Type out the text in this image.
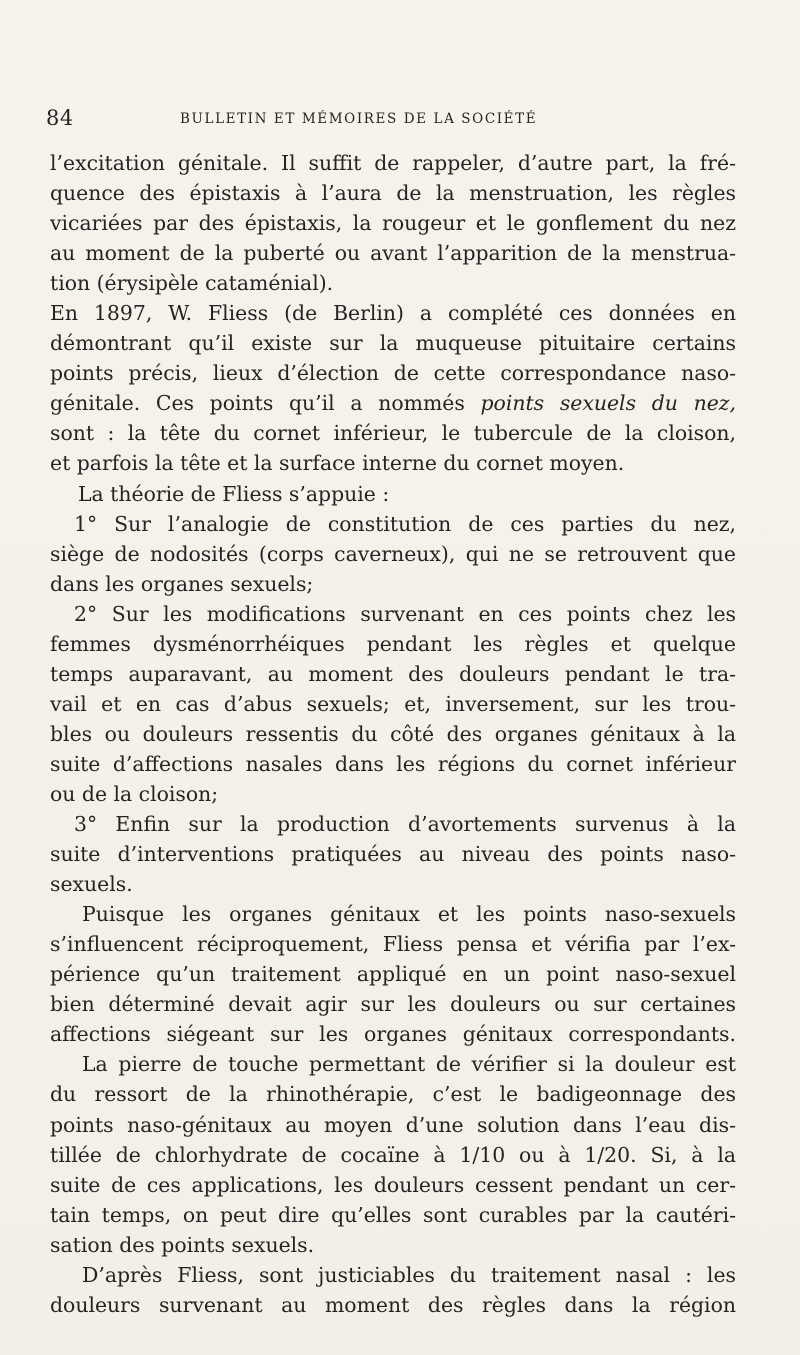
84	BULLETIN ET MÉMOIRES DE LA SOCIÉTÉ
l’excitation génitale. Il suffit de rappeler, d’autre part, la fré-
quence des épistaxis à l’aura de la menstruation, les règles
vicariées par des épistaxis, la rougeur et le gonflement du nez
au moment de la puberté ou avant l’apparition de la menstrua-
tion (érysipèle cataménial).
En 1897, W. Fliess (de Berlin) a complété ces données en
démontrant qu’il existe sur la muqueuse pituitaire certains
points précis, lieux d’élection de cette correspondance naso-
génitale. Ces points qu’il a nommés points sexuels du nez,
sont : la tête du cornet inférieur, le tubercule de la cloison,
et parfois la tête et la surface interne du cornet moyen.
La théorie de Fliess s’appuie :
1° Sur l’analogie de constitution de ces parties du nez,
siège de nodosités (corps caverneux), qui ne se retrouvent que
dans les organes sexuels;
2° Sur les modifications survenant en ces points chez les
femmes dysménorrhéiques pendant les règles et quelque
temps auparavant, au moment des douleurs pendant le tra-
vail et en cas d’abus sexuels; et, inversement, sur les trou-
bles ou douleurs ressentis du côté des organes génitaux à la
suite d’affections nasales dans les régions du cornet inférieur
ou de la cloison;
3° Enfin sur la production d’avortements survenus à la
suite d’interventions pratiquées au niveau des points naso-
sexuels.
Puisque les organes génitaux et les points naso-sexuels
s’influencent réciproquement, Fliess pensa et vérifia par l’ex-
périence qu’un traitement appliqué en un point naso-sexuel
bien déterminé devait agir sur les douleurs ou sur certaines
affections siégeant sur les organes génitaux correspondants.
La pierre de touche permettant de vérifier si la douleur est
du ressort de la rhinothérapie, c’est le badigeonnage des
points naso-génitaux au moyen d’une solution dans l’eau dis-
tillée de chlorhydrate de cocaïne à 1/10 ou à 1/20. Si, à la
suite de ces applications, les douleurs cessent pendant un cer-
tain temps, on peut dire qu’elles sont curables par la cautéri-
sation des points sexuels.
D’après Fliess, sont justiciables du traitement nasal : les
douleurs survenant au moment des règles dans la région
